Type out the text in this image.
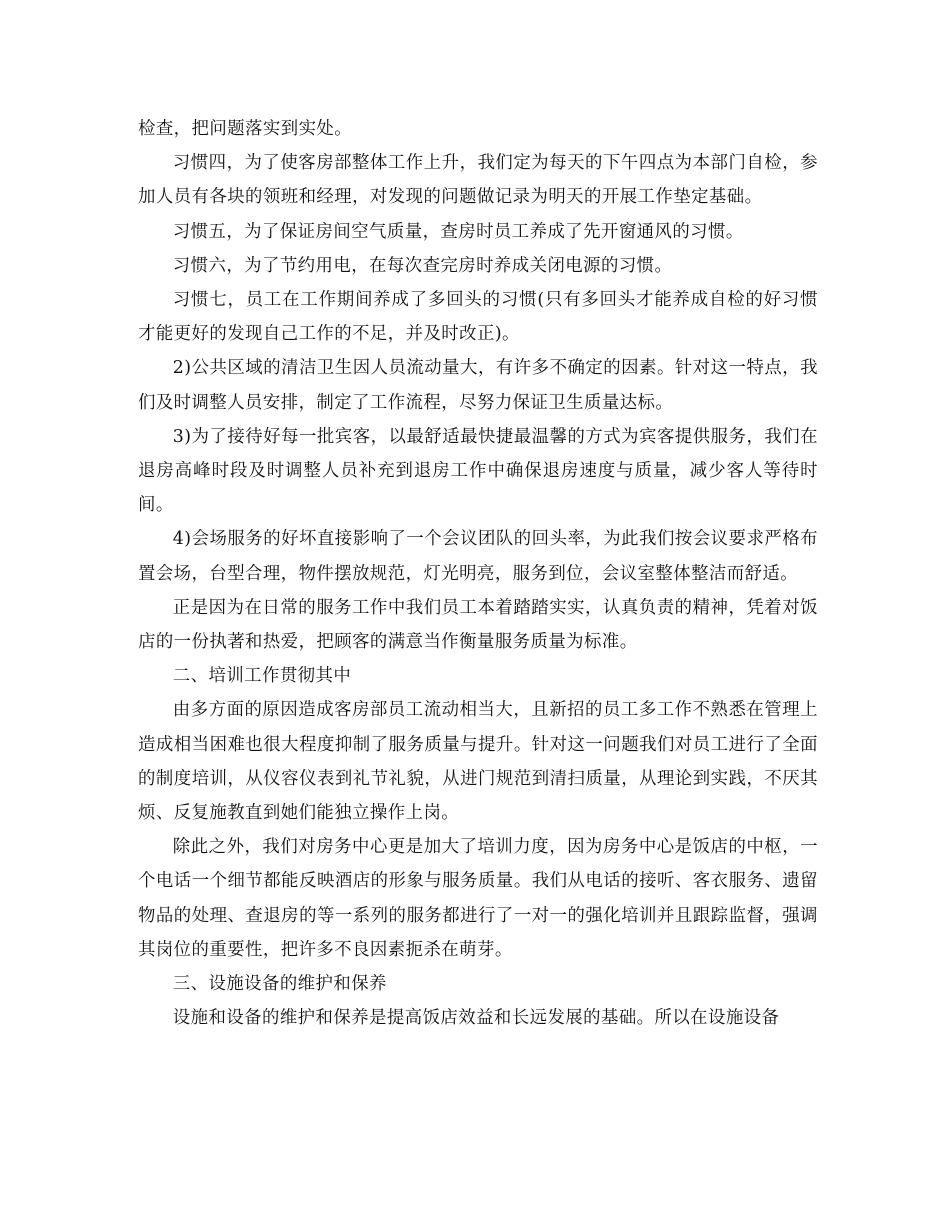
检查，把问题落实到实处。

习惯四，为了使客房部整体工作上升，我们定为每天的下午四点为本部门自检，参加人员有各块的领班和经理，对发现的问题做记录为明天的开展工作垫定基础。

习惯五，为了保证房间空气质量，查房时员工养成了先开窗通风的习惯。

习惯六，为了节约用电，在每次查完房时养成关闭电源的习惯。

习惯七，员工在工作期间养成了多回头的习惯(只有多回头才能养成自检的好习惯才能更好的发现自己工作的不足，并及时改正)。

2)公共区域的清洁卫生因人员流动量大，有许多不确定的因素。针对这一特点，我们及时调整人员安排，制定了工作流程，尽努力保证卫生质量达标。

3)为了接待好每一批宾客，以最舒适最快捷最温馨的方式为宾客提供服务，我们在退房高峰时段及时调整人员补充到退房工作中确保退房速度与质量，减少客人等待时间。

4)会场服务的好坏直接影响了一个会议团队的回头率，为此我们按会议要求严格布置会场，台型合理，物件摆放规范，灯光明亮，服务到位，会议室整体整洁而舒适。

正是因为在日常的服务工作中我们员工本着踏踏实实，认真负责的精神，凭着对饭店的一份执著和热爱，把顾客的满意当作衡量服务质量为标准。

二、培训工作贯彻其中

由多方面的原因造成客房部员工流动相当大，且新招的员工多工作不熟悉在管理上造成相当困难也很大程度抑制了服务质量与提升。针对这一问题我们对员工进行了全面的制度培训，从仪容仪表到礼节礼貌，从进门规范到清扫质量，从理论到实践，不厌其烦、反复施教直到她们能独立操作上岗。

除此之外，我们对房务中心更是加大了培训力度，因为房务中心是饭店的中枢，一个电话一个细节都能反映酒店的形象与服务质量。我们从电话的接听、客衣服务、遗留物品的处理、查退房的等一系列的服务都进行了一对一的强化培训并且跟踪监督，强调其岗位的重要性，把许多不良因素扼杀在萌芽。

三、设施设备的维护和保养

设施和设备的维护和保养是提高饭店效益和长远发展的基础。所以在设施设备
